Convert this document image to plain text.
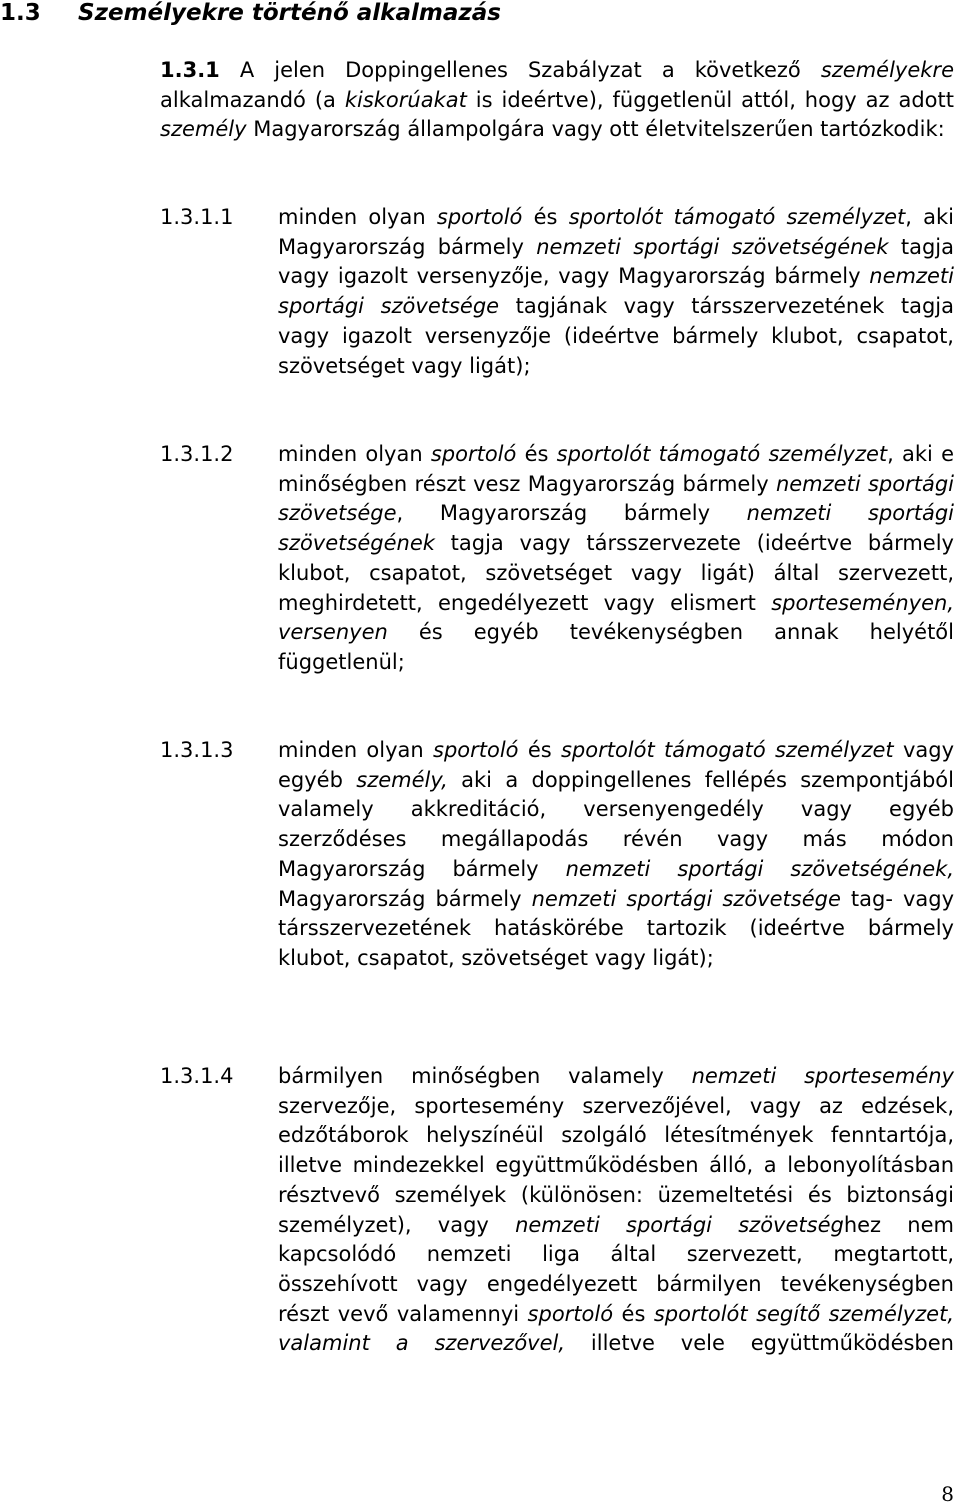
1.3 Személyekre történő alkalmazás
1.3.1 A jelen Doppingellenes Szabályzat a következő személyekre alkalmazandó (a kiskorúakat is ideértve), függetlenül attól, hogy az adott személy Magyarország állampolgára vagy ott életvitelszerűen tartózkodik:
1.3.1.1 minden olyan sportoló és sportolót támogató személyzet, aki Magyarország bármely nemzeti sportági szövetségének tagja vagy igazolt versenyzője, vagy Magyarország bármely nemzeti sportági szövetsége tagjának vagy társszervezetének tagja vagy igazolt versenyzője (ideértve bármely klubot, csapatot, szövetséget vagy ligát);
1.3.1.2 minden olyan sportoló és sportolót támogató személyzet, aki e minőségben részt vesz Magyarország bármely nemzeti sportági szövetsége, Magyarország bármely nemzeti sportági szövetségének tagja vagy társszervezete (ideértve bármely klubot, csapatot, szövetséget vagy ligát) által szervezett, meghirdetett, engedélyezett vagy elismert sporteseményen, versenyen és egyéb tevékenységben annak helyétől függetlenül;
1.3.1.3 minden olyan sportoló és sportolót támogató személyzet vagy egyéb személy, aki a doppingellenes fellépés szempontjából valamely akkreditáció, versenyengedély vagy egyéb szerződéses megállapodás révén vagy más módon Magyarország bármely nemzeti sportági szövetségének, Magyarország bármely nemzeti sportági szövetsége tag- vagy társszervezetének hatáskörébe tartozik (ideértve bármely klubot, csapatot, szövetséget vagy ligát);
1.3.1.4 bármilyen minőségben valamely nemzeti sportesemény szervezője, sportesemény szervezőjével, vagy az edzések, edzőtáborok helyszínéül szolgáló létesítmények fenntartója, illetve mindezekkel együttműködésben álló, a lebonyolításban résztvevő személyek (különösen: üzemeltetési és biztonsági személyzet), vagy nemzeti sportági szövetséghez nem kapcsolódó nemzeti liga által szervezett, megtartott, összehívott vagy engedélyezett bármilyen tevékenységben részt vevő valamennyi sportoló és sportolót segítő személyzet, valamint a szervezővel, illetve vele együttműködésben
8
